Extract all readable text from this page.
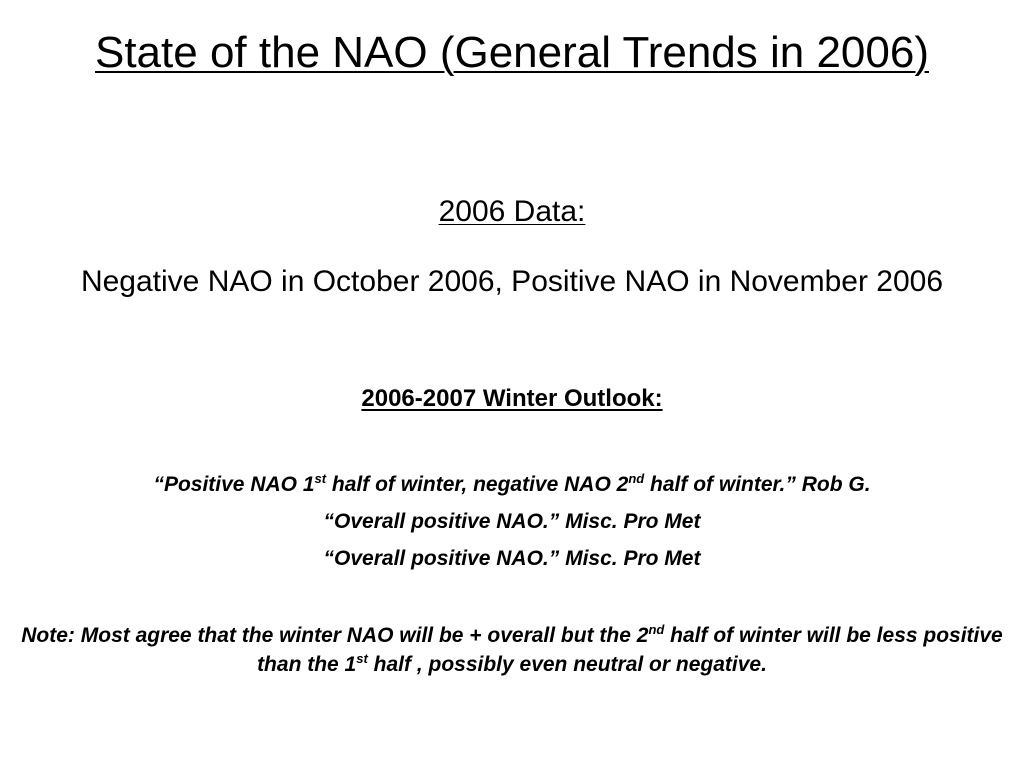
State of the NAO (General Trends in 2006)
2006 Data:
Negative NAO in October 2006, Positive NAO in November 2006
2006-2007 Winter Outlook:
“Positive NAO 1st half of winter, negative NAO 2nd half of winter.” Rob G.
“Overall positive NAO.” Misc. Pro Met
“Overall positive NAO.” Misc. Pro Met
Note: Most agree that the winter NAO will be + overall but the 2nd half of winter will be less positive than the 1st half , possibly even neutral or negative.
